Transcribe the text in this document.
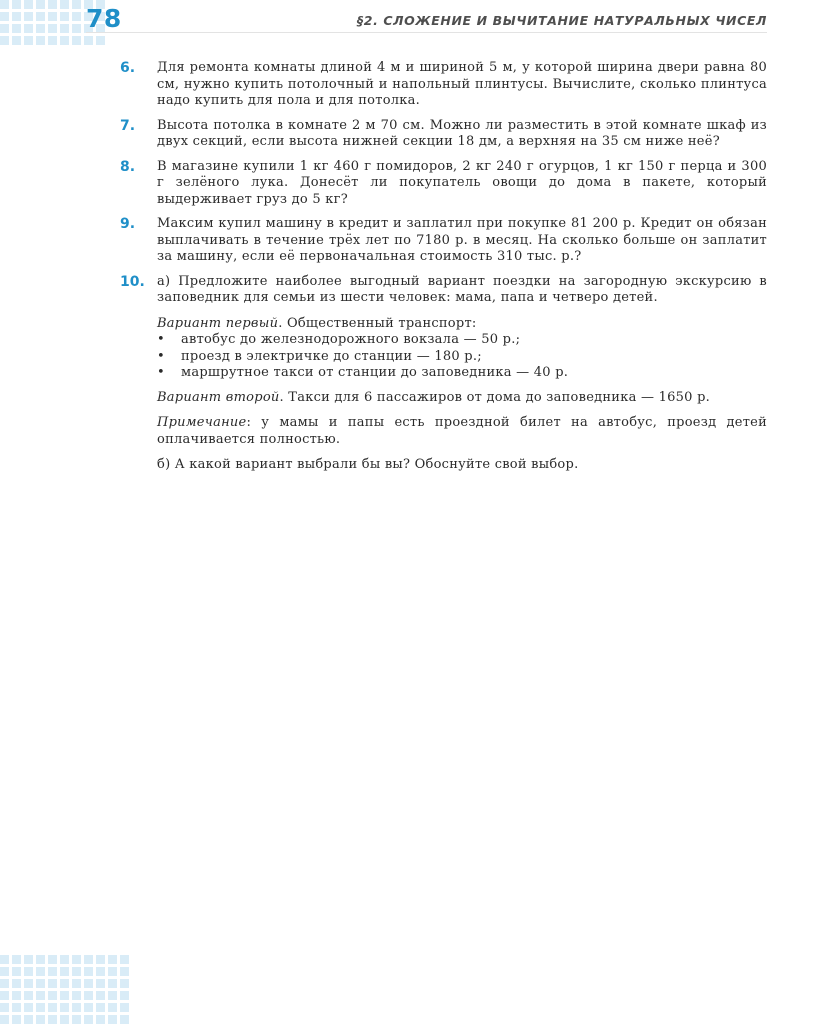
78	§2. СЛОЖЕНИЕ И ВЫЧИТАНИЕ НАТУРАЛЬНЫХ ЧИСЕЛ
6. Для ремонта комнаты длиной 4 м и шириной 5 м, у которой ширина двери равна 80 см, нужно купить потолочный и напольный плинтусы. Вычислите, сколько плинтуса надо купить для пола и для потолка.

7. Высота потолка в комнате 2 м 70 см. Можно ли разместить в этой комнате шкаф из двух секций, если высота нижней секции 18 дм, а верхняя на 35 см ниже неё?

8. В магазине купили 1 кг 460 г помидоров, 2 кг 240 г огурцов, 1 кг 150 г перца и 300 г зелёного лука. Донесёт ли покупатель овощи до дома в пакете, который выдерживает груз до 5 кг?

9. Максим купил машину в кредит и заплатил при покупке 81 200 р. Кредит он обязан выплачивать в течение трёх лет по 7180 р. в месяц. На сколько больше он заплатит за машину, если её первоначальная стоимость 310 тыс. р.?

10. а) Предложите наиболее выгодный вариант поездки на загородную экскурсию в заповедник для семьи из шести человек: мама, папа и четверо детей.

Вариант первый. Общественный транспорт:
• автобус до железнодорожного вокзала — 50 р.;
• проезд в электричке до станции — 180 р.;
• маршрутное такси от станции до заповедника — 40 р.
Вариант второй. Такси для 6 пассажиров от дома до заповедника — 1650 р.
Примечание: у мамы и папы есть проездной билет на автобус, проезд детей оплачивается полностью.
б) А какой вариант выбрали бы вы? Обоснуйте свой выбор.
